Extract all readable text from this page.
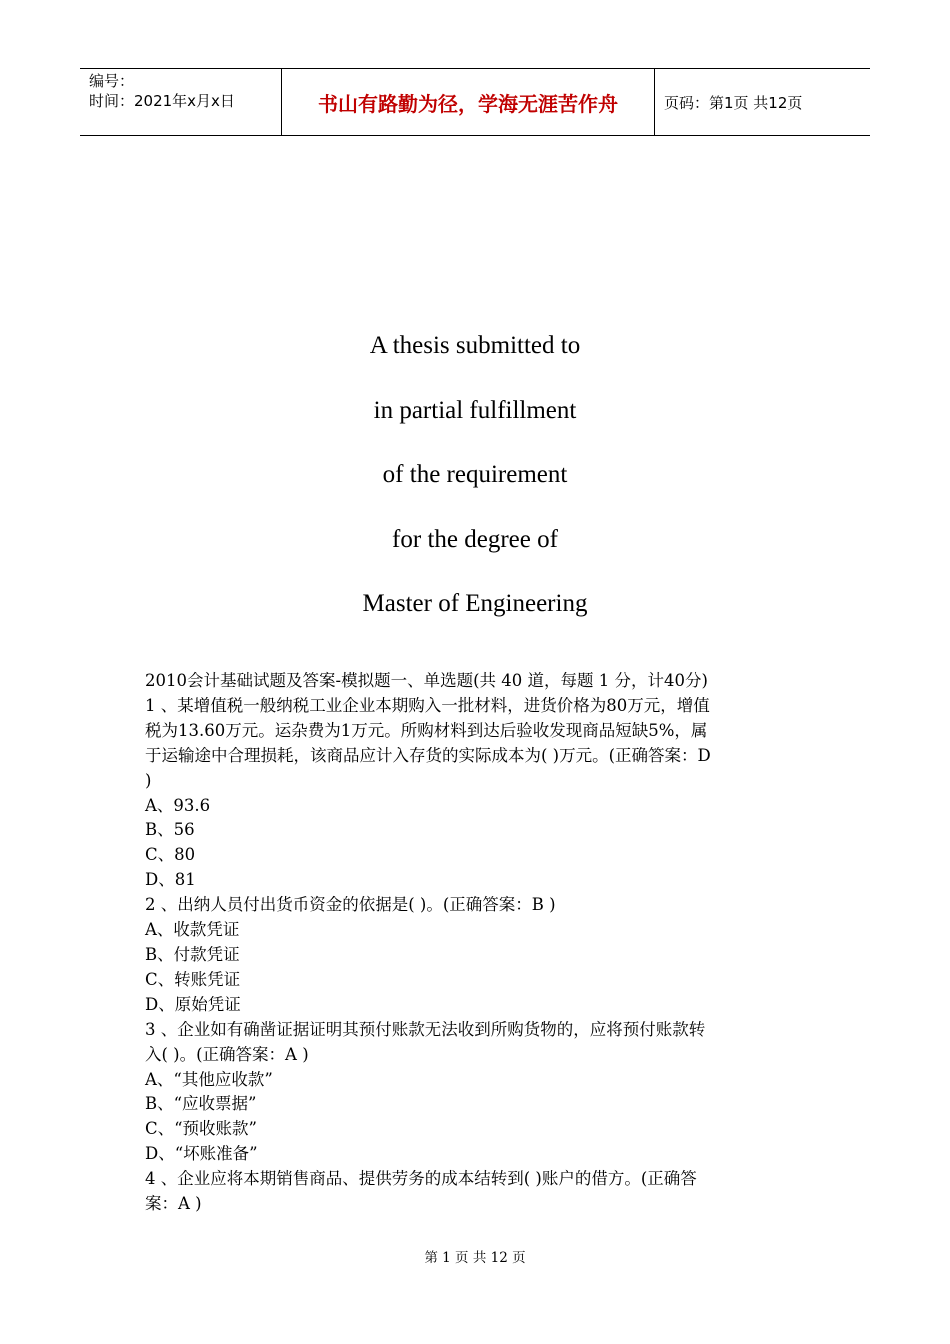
编号：
时间：2021年x月x日	书山有路勤为径，学海无涯苦作舟	页码：第1页 共12页
A thesis submitted to
in partial fulfillment
of the requirement
for the degree of
Master of Engineering
2010会计基础试题及答案-模拟题一、单选题(共 40 道，每题 1 分，计40分)
1 、某增值税一般纳税工业企业本期购入一批材料，进货价格为80万元，增值
税为13.60万元。运杂费为1万元。所购材料到达后验收发现商品短缺5%，属
于运输途中合理损耗，该商品应计入存货的实际成本为( )万元。(正确答案：D
)
A、93.6
B、56
C、80
D、81
2 、出纳人员付出货币资金的依据是( )。(正确答案：B )
A、收款凭证
B、付款凭证
C、转账凭证
D、原始凭证
3 、企业如有确凿证据证明其预付账款无法收到所购货物的，应将预付账款转
入( )。(正确答案：A )
A、“其他应收款”
B、“应收票据”
C、“预收账款”
D、“坏账准备”
4 、企业应将本期销售商品、提供劳务的成本结转到( )账户的借方。(正确答
案：A )
第 1 页 共 12 页
